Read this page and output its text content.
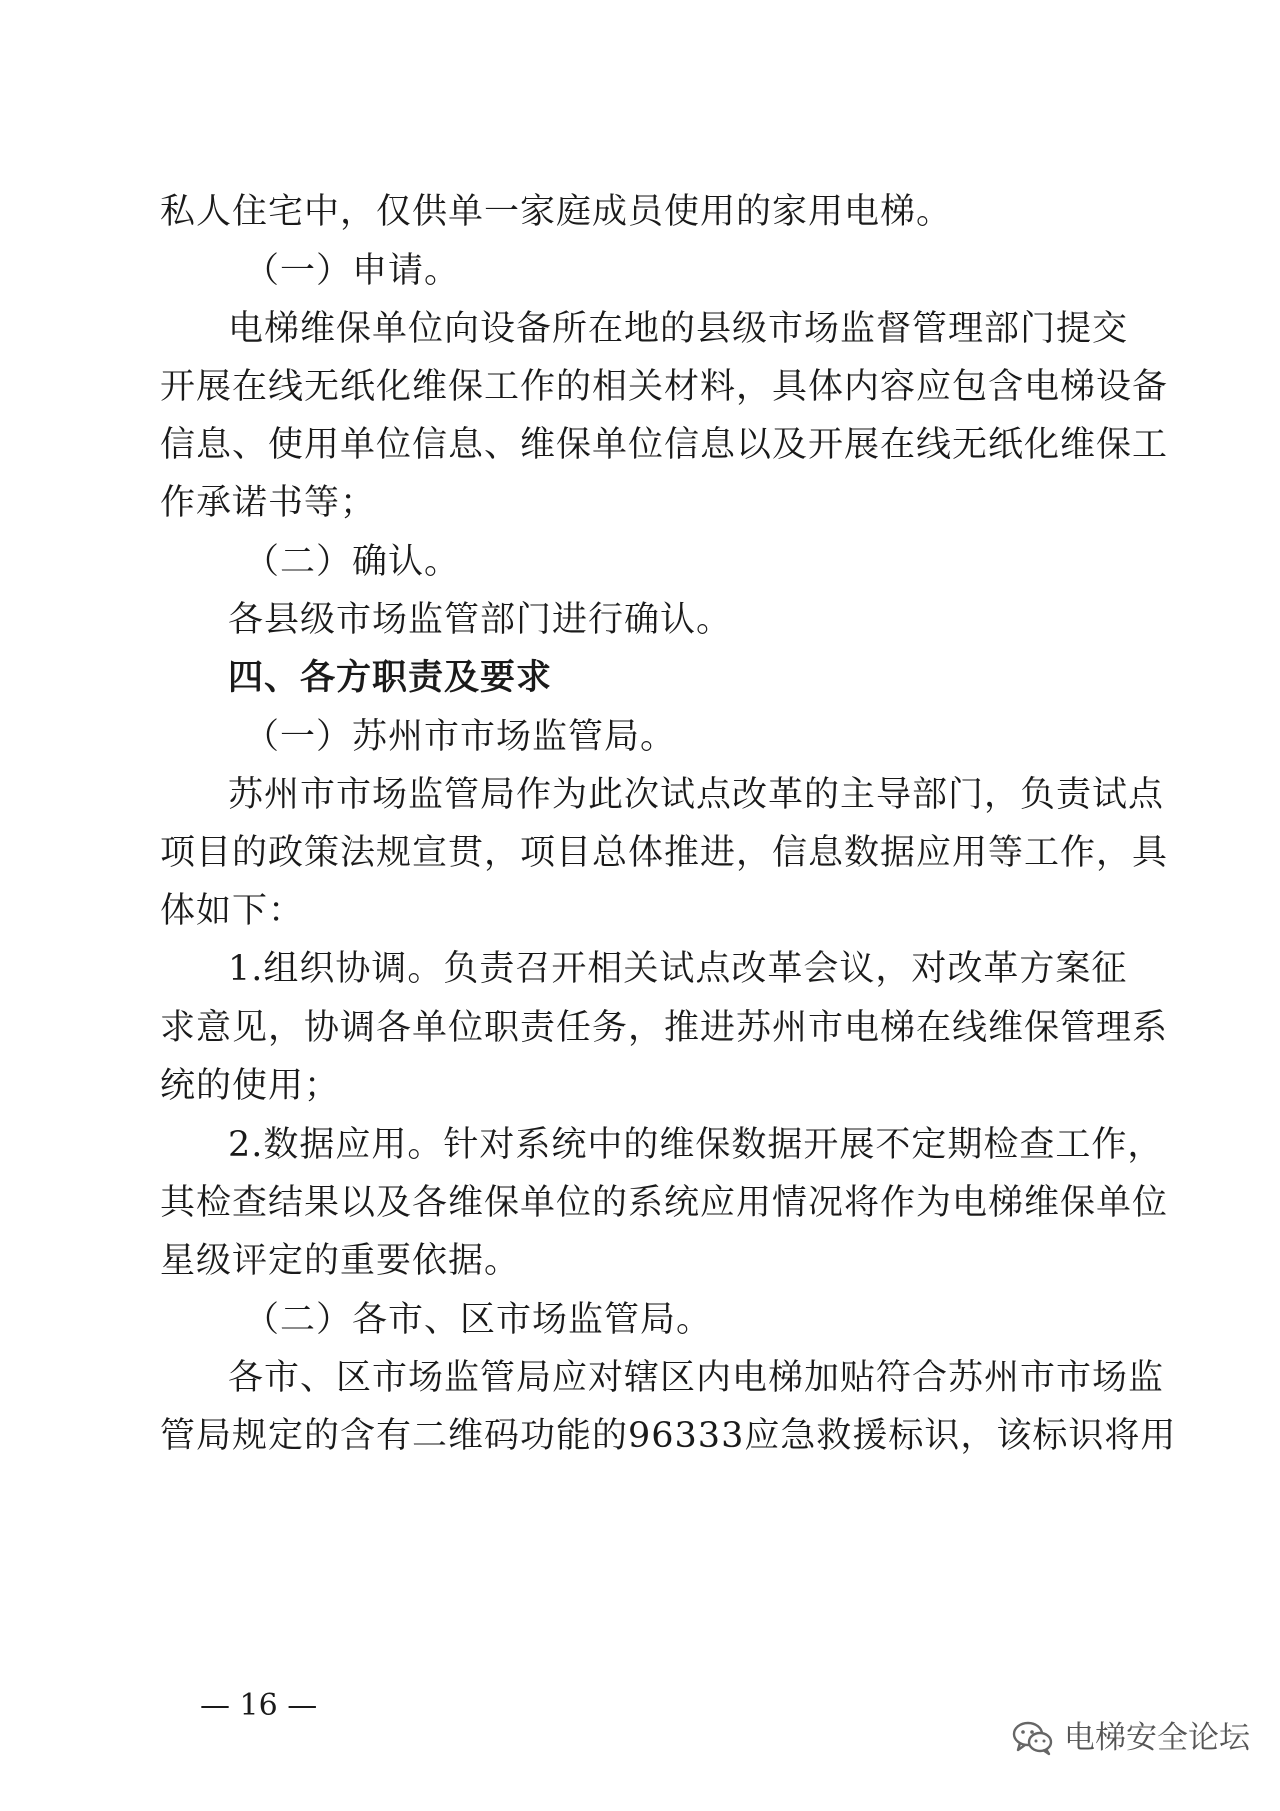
私人住宅中，仅供单一家庭成员使用的家用电梯。
（一）申请。
电梯维保单位向设备所在地的县级市场监督管理部门提交
开展在线无纸化维保工作的相关材料，具体内容应包含电梯设备
信息、使用单位信息、维保单位信息以及开展在线无纸化维保工
作承诺书等；
（二）确认。
各县级市场监管部门进行确认。
四、各方职责及要求
（一）苏州市市场监管局。
苏州市市场监管局作为此次试点改革的主导部门，负责试点
项目的政策法规宣贯，项目总体推进，信息数据应用等工作，具
体如下：
1.组织协调。负责召开相关试点改革会议，对改革方案征
求意见，协调各单位职责任务，推进苏州市电梯在线维保管理系
统的使用；
2.数据应用。针对系统中的维保数据开展不定期检查工作，
其检查结果以及各维保单位的系统应用情况将作为电梯维保单位
星级评定的重要依据。
（二）各市、区市场监管局。
各市、区市场监管局应对辖区内电梯加贴符合苏州市市场监
管局规定的含有二维码功能的96333应急救援标识，该标识将用
— 16 —
电梯安全论坛
